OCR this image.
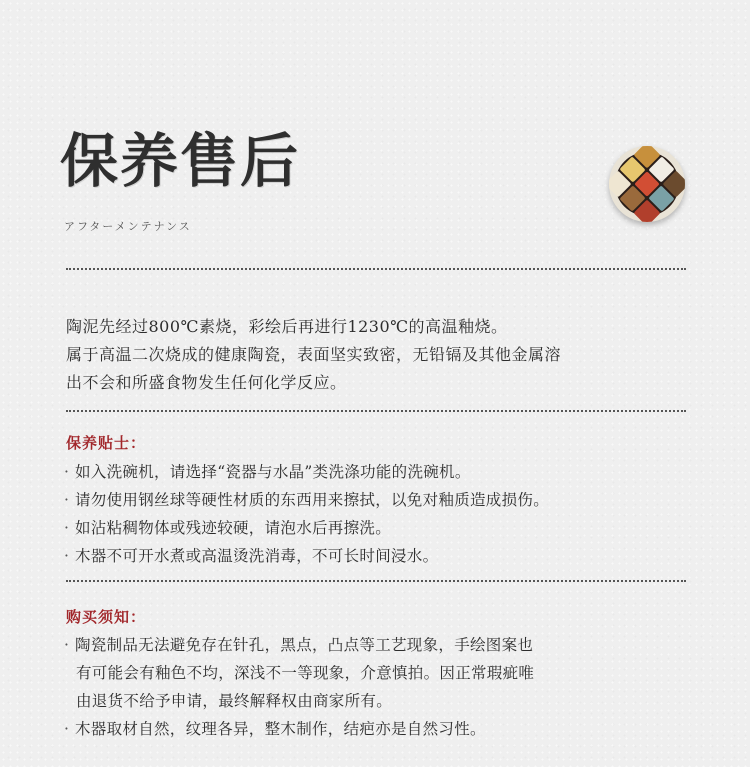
保养售后
アフターメンテナンス

陶泥先经过800℃素烧，彩绘后再进行1230℃的高温釉烧。

属于高温二次烧成的健康陶瓷，表面坚实致密，无铅镉及其他金属溶

出不会和所盛食物发生任何化学反应。

保养贴士：
· 如入洗碗机，请选择“瓷器与水晶”类洗涤功能的洗碗机。
· 请勿使用钢丝球等硬性材质的东西用来擦拭，以免对釉质造成损伤。
· 如沾粘稠物体或残迹较硬，请泡水后再擦洗。
· 木器不可开水煮或高温烫洗消毒，不可长时间浸水。
购买须知：
· 陶瓷制品无法避免存在针孔，黑点，凸点等工艺现象，手绘图案也
有可能会有釉色不均，深浅不一等现象，介意慎拍。因正常瑕疵唯
由退货不给予申请，最终解释权由商家所有。
· 木器取材自然，纹理各异，整木制作，结疤亦是自然习性。
